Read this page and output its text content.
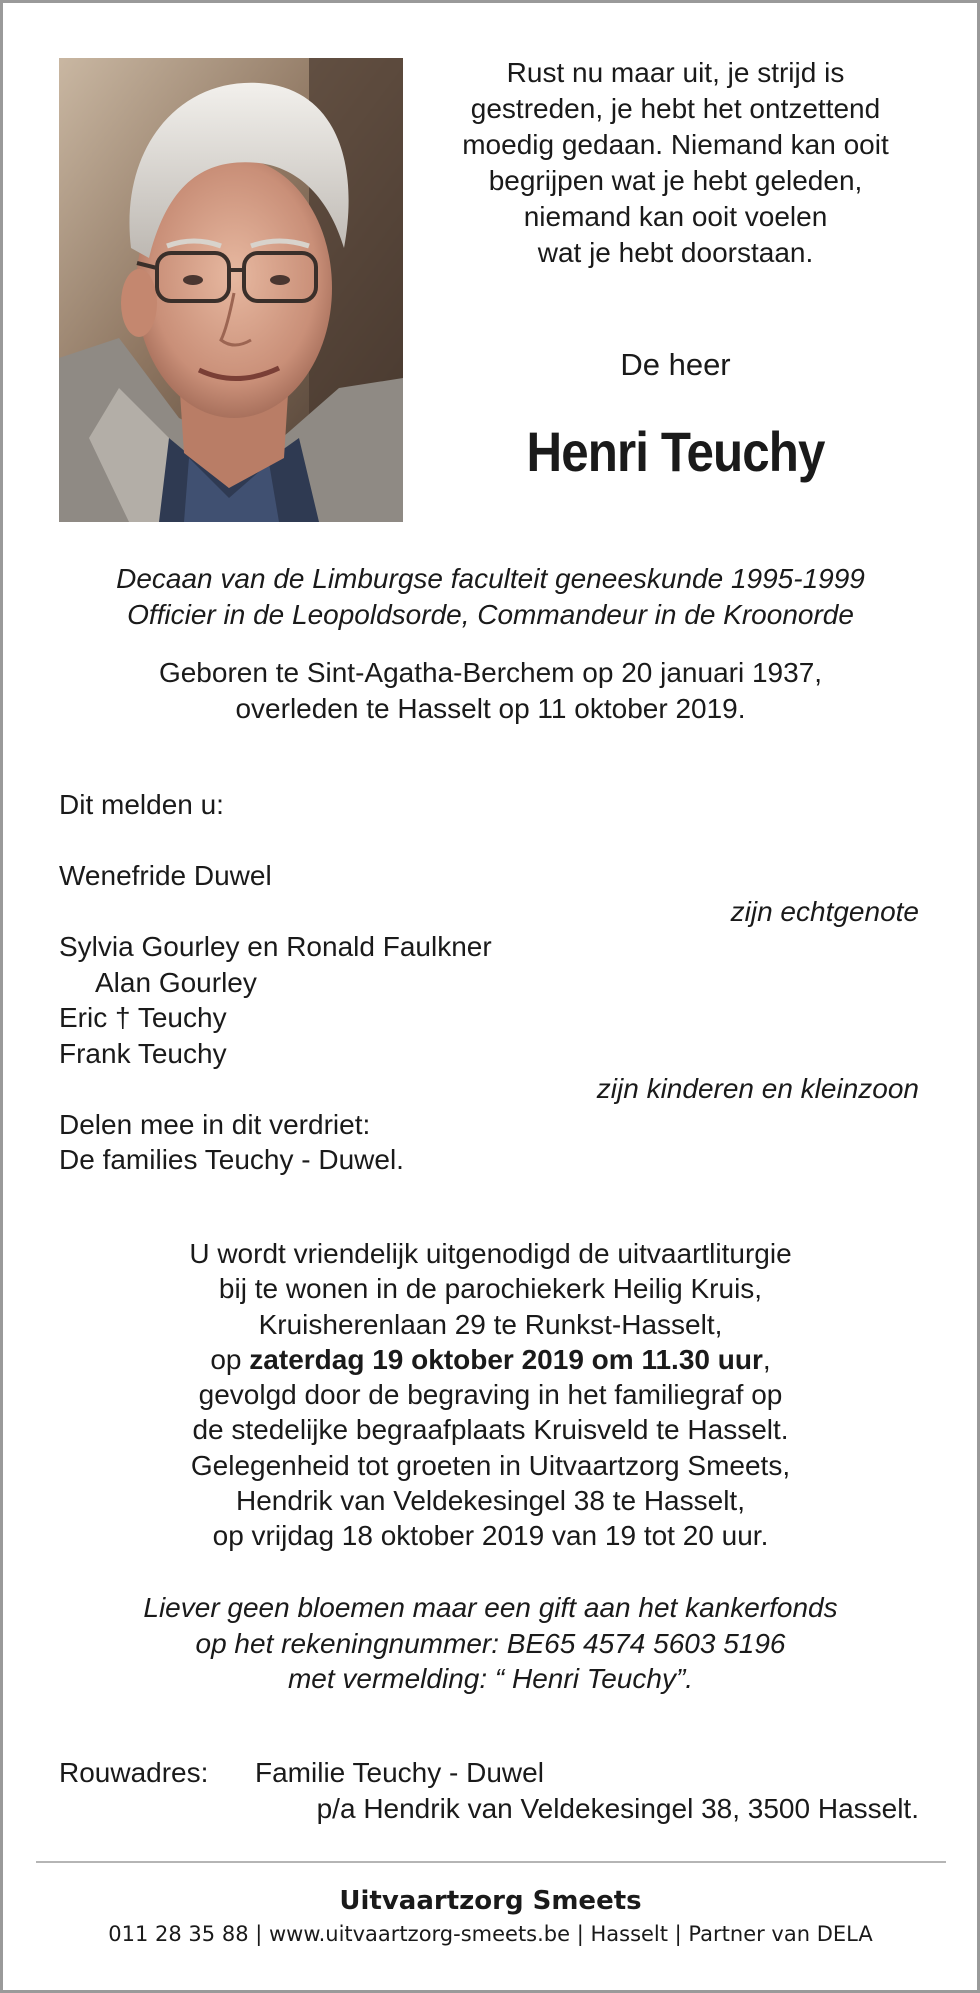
Rust nu maar uit, je strijd is
gestreden, je hebt het ontzettend
moedig gedaan. Niemand kan ooit
begrijpen wat je hebt geleden,
niemand kan ooit voelen
wat je hebt doorstaan.
De heer
Henri Teuchy
Decaan van de Limburgse faculteit geneeskunde 1995-1999
Officier in de Leopoldsorde, Commandeur in de Kroonorde
Geboren te Sint-Agatha-Berchem op 20 januari 1937,
overleden te Hasselt op 11 oktober 2019.
Dit melden u:
Wenefride Duwel
zijn echtgenote
Sylvia Gourley en Ronald Faulkner
Alan Gourley
Eric † Teuchy
Frank Teuchy
zijn kinderen en kleinzoon
Delen mee in dit verdriet:
De families Teuchy - Duwel.
U wordt vriendelijk uitgenodigd de uitvaartliturgie
bij te wonen in de parochiekerk Heilig Kruis,
Kruisherenlaan 29 te Runkst-Hasselt,
op zaterdag 19 oktober 2019 om 11.30 uur,
gevolgd door de begraving in het familiegraf op
de stedelijke begraafplaats Kruisveld te Hasselt.
Gelegenheid tot groeten in Uitvaartzorg Smeets,
Hendrik van Veldekesingel 38 te Hasselt,
op vrijdag 18 oktober 2019 van 19 tot 20 uur.
Liever geen bloemen maar een gift aan het kankerfonds
op het rekeningnummer: BE65 4574 5603 5196
met vermelding: “ Henri Teuchy”.
Rouwadres: Familie Teuchy - Duwel
p/a Hendrik van Veldekesingel 38, 3500 Hasselt.
Uitvaartzorg Smeets
011 28 35 88 | www.uitvaartzorg-smeets.be | Hasselt | Partner van DELA
